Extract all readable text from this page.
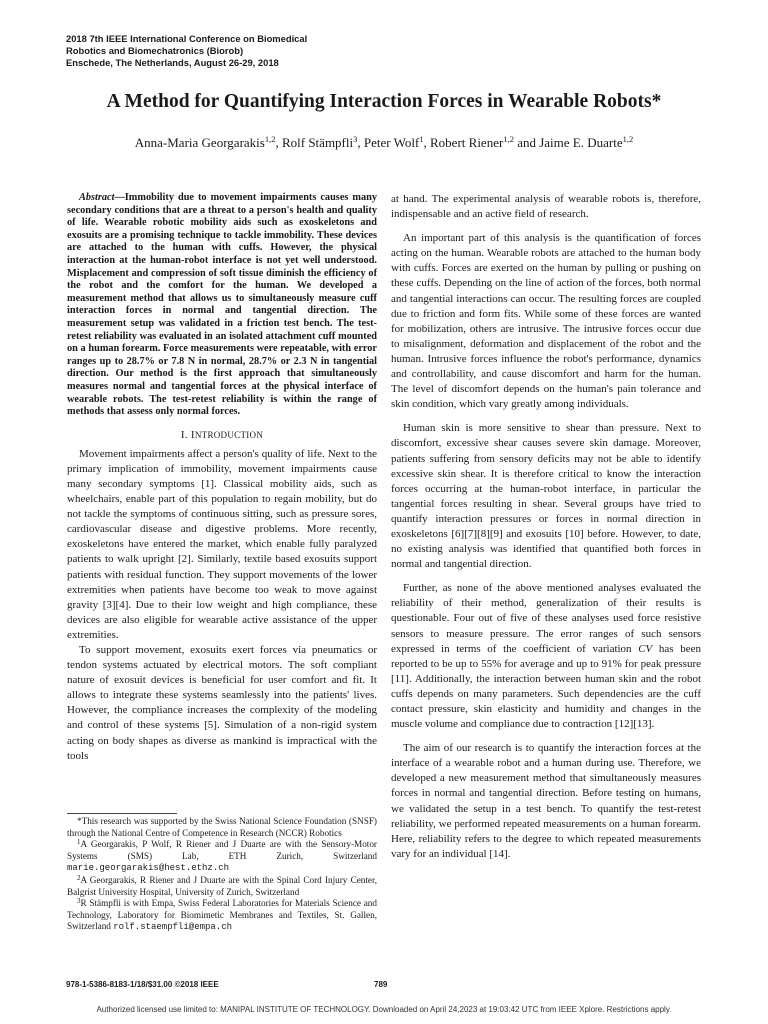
2018 7th IEEE International Conference on Biomedical
Robotics and Biomechatronics (Biorob)
Enschede, The Netherlands, August 26-29, 2018
A Method for Quantifying Interaction Forces in Wearable Robots*
Anna-Maria Georgarakis$^{1,2}$, Rolf Stämpfli$^3$, Peter Wolf$^1$, Robert Riener$^{1,2}$ and Jaime E. Duarte$^{1,2}$

Abstract—Immobility due to movement impairments causes many secondary conditions that are a threat to a person's health and quality of life. Wearable robotic mobility aids such as exoskeletons and exosuits are a promising technique to tackle immobility. These devices are attached to the human with cuffs. However, the physical interaction at the human-robot interface is not yet well understood. Misplacement and compression of soft tissue diminish the efficiency of the robot and the comfort for the human. We developed a measurement method that allows us to simultaneously measure cuff interaction forces in normal and tangential direction. The measurement setup was validated in a friction test bench. The test-retest reliability was evaluated in an isolated attachment cuff mounted on a human forearm. Force measurements were repeatable, with error ranges up to 28.7% or 7.8 N in normal, 28.7% or 2.3 N in tangential direction. Our method is the first approach that simultaneously measures normal and tangential forces at the physical interface of wearable robots. The test-retest reliability is within the range of methods that assess only normal forces.

I. INTRODUCTION

Movement impairments affect a person's quality of life. Next to the primary implication of immobility, movement impairments cause many secondary symptoms [1]. Classical mobility aids, such as wheelchairs, enable part of this population to regain mobility, but do not tackle the symptoms of continuous sitting, such as pressure sores, cardiovascular disease and digestive problems. More recently, exoskeletons have entered the market, which enable fully paralyzed patients to walk upright [2]. Similarly, textile based exosuits support patients with residual function. They support movements of the lower extremities when patients have become too weak to move against gravity [3][4]. Due to their low weight and high compliance, these devices are also eligible for wearable active assistance of the upper extremities.

To support movement, exosuits exert forces via pneumatics or tendon systems actuated by electrical motors. The soft compliant nature of exosuit devices is beneficial for user comfort and fit. It allows to integrate these systems seamlessly into the patients' lives. However, the compliance increases the complexity of the modeling and control of these systems [5]. Simulation of a non-rigid system acting on body shapes as diverse as mankind is impractical with the tools

*This research was supported by the Swiss National Science Foundation (SNSF) through the National Centre of Competence in Research (NCCR) Robotics

$^1$A Georgarakis, P Wolf, R Riener and J Duarte are with the Sensory-Motor Systems (SMS) Lab, ETH Zurich, Switzerland marie.georgarakis@hest.ethz.ch

$^2$A Georgarakis, R Riener and J Duarte are with the Spinal Cord Injury Center, Balgrist University Hospital, University of Zurich, Switzerland

$^3$R Stämpfli is with Empa, Swiss Federal Laboratories for Materials Science and Technology, Laboratory for Biomimetic Membranes and Textiles, St. Gallen, Switzerland rolf.staempfli@empa.ch

at hand. The experimental analysis of wearable robots is, therefore, indispensable and an active field of research.

An important part of this analysis is the quantification of forces acting on the human. Wearable robots are attached to the human body with cuffs. Forces are exerted on the human by pulling or pushing on these cuffs. Depending on the line of action of the forces, both normal and tangential interactions can occur. The resulting forces are coupled due to friction and form fits. While some of these forces are wanted for mobilization, others are intrusive. The intrusive forces occur due to misalignment, deformation and displacement of the robot and the human. Intrusive forces influence the robot's performance, dynamics and controllability, and cause discomfort and harm for the human. The level of discomfort depends on the human's pain tolerance and skin condition, which vary greatly among individuals.

Human skin is more sensitive to shear than pressure. Next to discomfort, excessive shear causes severe skin damage. Moreover, patients suffering from sensory deficits may not be able to identify excessive skin shear. It is therefore critical to know the interaction forces occurring at the human-robot interface, in particular the tangential forces resulting in shear. Several groups have tried to quantify interaction pressures or forces in normal direction in exoskeletons [6][7][8][9] and exosuits [10] before. However, to date, no existing analysis was identified that quantified both forces in normal and tangential direction.

Further, as none of the above mentioned analyses evaluated the reliability of their method, generalization of their results is questionable. Four out of five of these analyses used force resistive sensors to measure pressure. The error ranges of such sensors expressed in terms of the coefficient of variation CV has been reported to be up to 55% for average and up to 91% for peak pressure [11]. Additionally, the interaction between human skin and the robot cuffs depends on many parameters. Such dependencies are the cuff contact pressure, skin elasticity and humidity and changes in the muscle volume and compliance due to contraction [12][13].

The aim of our research is to quantify the interaction forces at the interface of a wearable robot and a human during use. Therefore, we developed a new measurement method that simultaneously measures forces in normal and tangential direction. Before testing on humans, we validated the setup in a test bench. To quantify the test-retest reliability, we performed repeated measurements on a human forearm. Here, reliability refers to the degree to which repeated measurements vary for an individual [14].

978-1-5386-8183-1/18/$31.00 ©2018 IEEE	789
Authorized licensed use limited to: MANIPAL INSTITUTE OF TECHNOLOGY. Downloaded on April 24,2023 at 19:03:42 UTC from IEEE Xplore. Restrictions apply.
